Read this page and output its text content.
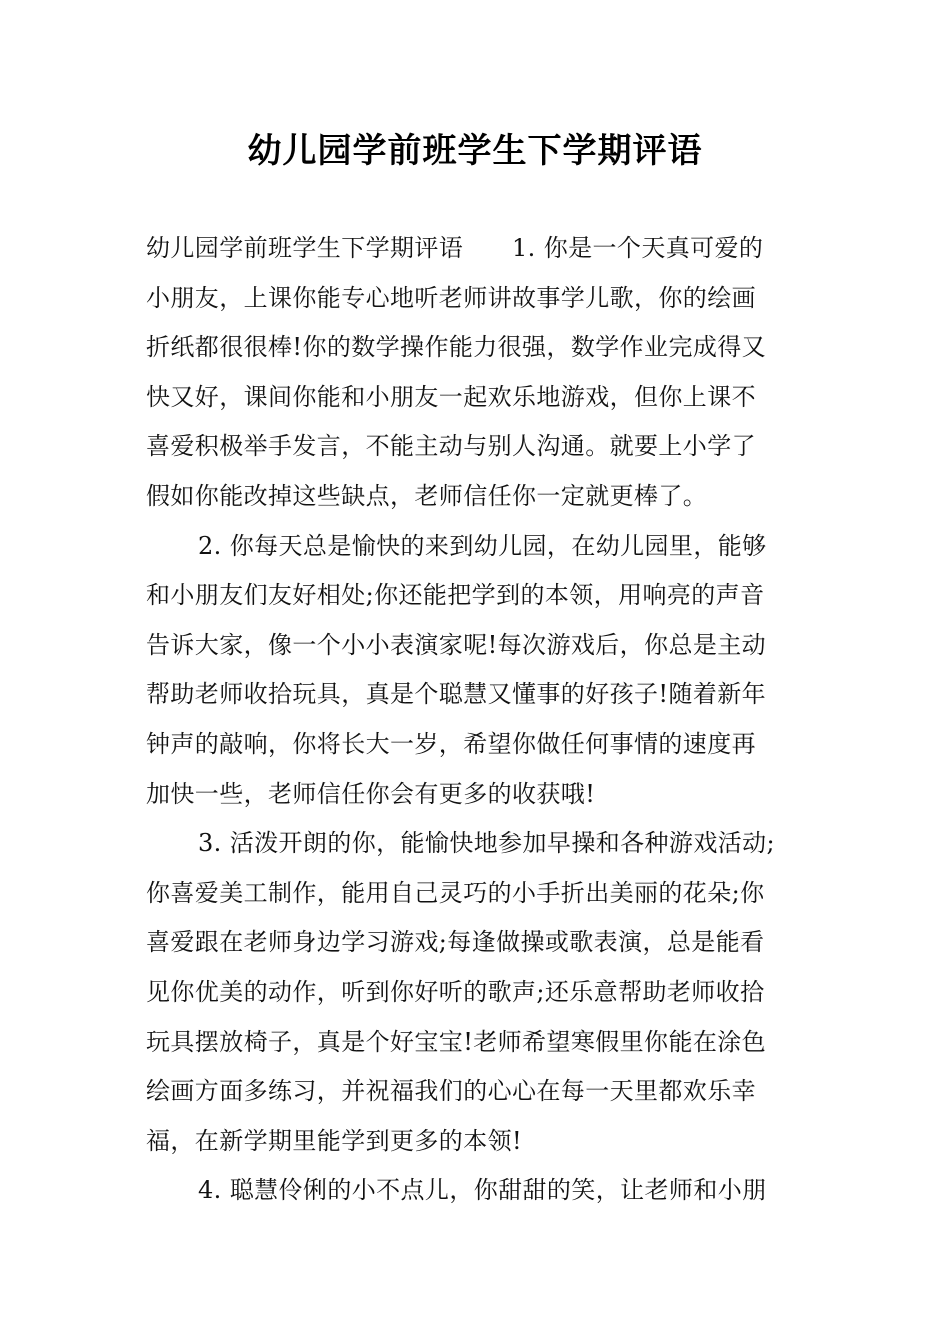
幼儿园学前班学生下学期评语
幼儿园学前班学生下学期评语　　1. 你是一个天真可爱的
小朋友，上课你能专心地听老师讲故事学儿歌，你的绘画
折纸都很很棒!你的数学操作能力很强，数学作业完成得又
快又好，课间你能和小朋友一起欢乐地游戏，但你上课不
喜爱积极举手发言，不能主动与别人沟通。就要上小学了
假如你能改掉这些缺点，老师信任你一定就更棒了。
2. 你每天总是愉快的来到幼儿园，在幼儿园里，能够
和小朋友们友好相处;你还能把学到的本领，用响亮的声音
告诉大家，像一个小小表演家呢!每次游戏后，你总是主动
帮助老师收拾玩具，真是个聪慧又懂事的好孩子!随着新年
钟声的敲响，你将长大一岁，希望你做任何事情的速度再
加快一些，老师信任你会有更多的收获哦!
3. 活泼开朗的你，能愉快地参加早操和各种游戏活动;
你喜爱美工制作，能用自己灵巧的小手折出美丽的花朵;你
喜爱跟在老师身边学习游戏;每逢做操或歌表演，总是能看
见你优美的动作，听到你好听的歌声;还乐意帮助老师收拾
玩具摆放椅子，真是个好宝宝!老师希望寒假里你能在涂色
绘画方面多练习，并祝福我们的心心在每一天里都欢乐幸
福，在新学期里能学到更多的本领!
4. 聪慧伶俐的小不点儿，你甜甜的笑，让老师和小朋
